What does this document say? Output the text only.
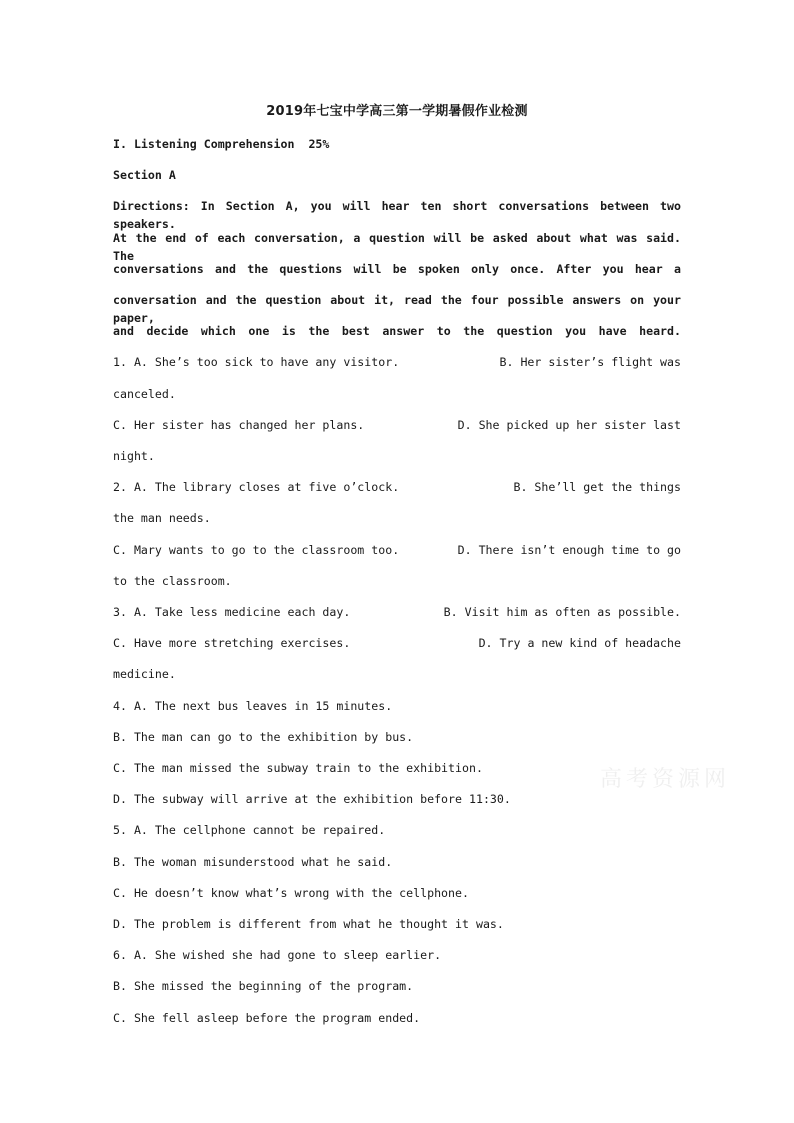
2019年七宝中学高三第一学期暑假作业检测
I. Listening Comprehension  25%
Section A
Directions: In Section A, you will hear ten short conversations between two speakers.
At the end of each conversation, a question will be asked about what was said. The
conversations and the questions will be spoken only once. After you hear a
conversation and the question about it, read the four possible answers on your paper,
and decide which one is the best answer to the question you have heard.
1. A. She’s too sick to have any visitor.	B. Her sister’s flight was
canceled.
C. Her sister has changed her plans.	D. She picked up her sister last
night.
2. A. The library closes at five o’clock.	B. She’ll get the things
the man needs.
C. Mary wants to go to the classroom too.	D. There isn’t enough time to go
to the classroom.
3. A. Take less medicine each day.	B. Visit him as often as possible.
C. Have more stretching exercises.	D. Try a new kind of headache
medicine.
4. A. The next bus leaves in 15 minutes.
B. The man can go to the exhibition by bus.
C. The man missed the subway train to the exhibition.
D. The subway will arrive at the exhibition before 11:30.
5. A. The cellphone cannot be repaired.
B. The woman misunderstood what he said.
C. He doesn’t know what’s wrong with the cellphone.
D. The problem is different from what he thought it was.
6. A. She wished she had gone to sleep earlier.
B. She missed the beginning of the program.
C. She fell asleep before the program ended.
高考资源网
